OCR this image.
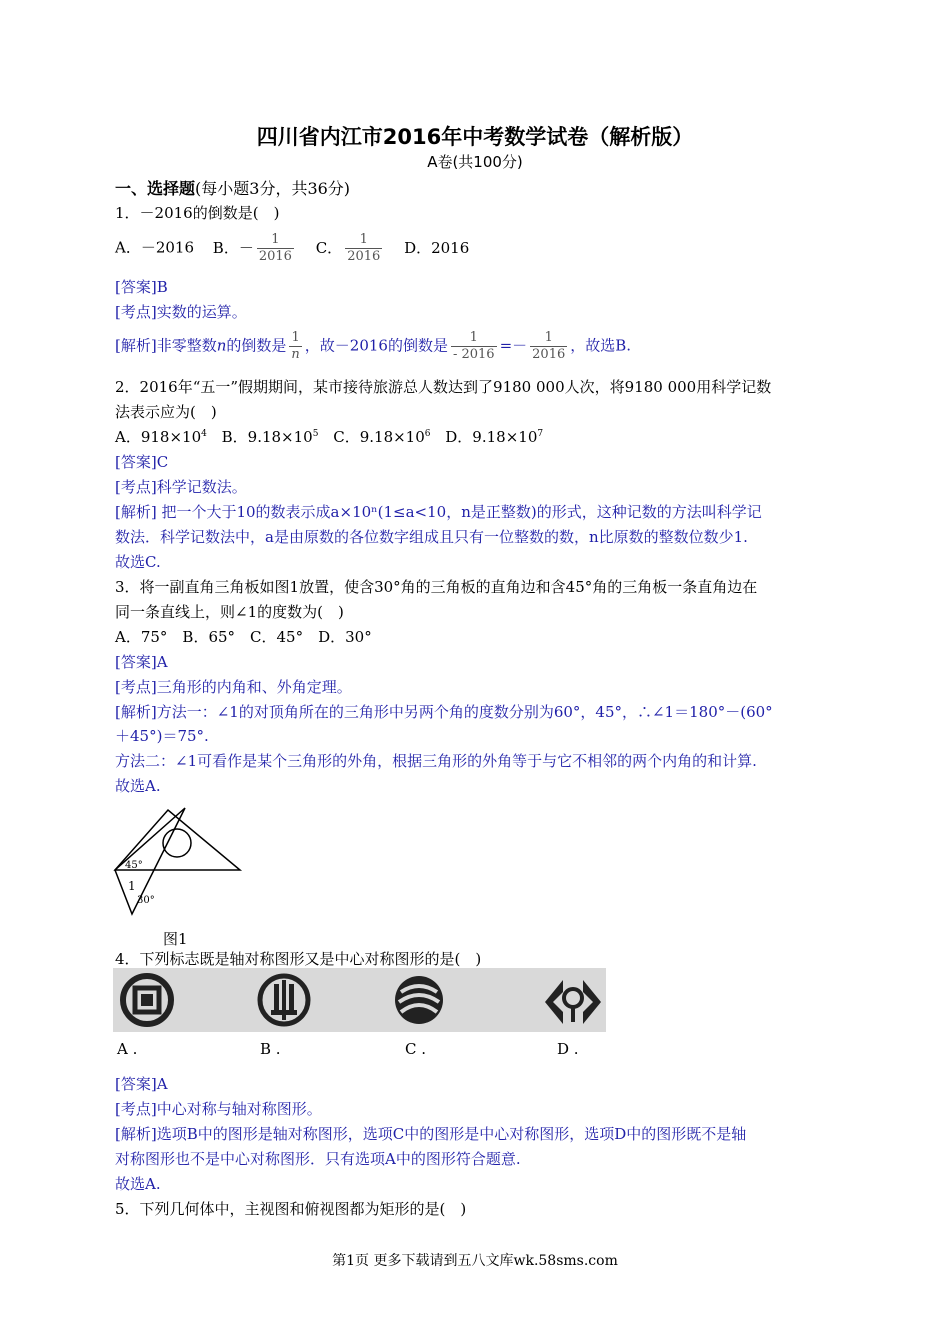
四川省内江市2016年中考数学试卷（解析版）
A卷(共100分)
一、选择题(每小题3分，共36分)
1．－2016的倒数是(　)
A．－2016 B．－ $\frac{1}{2016}$ C． $\frac{1}{2016}$ D．2016
[答案]B
[考点]实数的运算。
[解析]非零整数n的倒数是 $\frac{1}{n}$ ，故－2016的倒数是 $\frac{1}{- 2016} =- \frac{1}{2016}$ ，故选B.
2．2016年“五一”假期期间，某市接待旅游总人数达到了9180 000人次，将9180 000用科学记数
法表示应为(　)
A．$918\times 10^4$ B．$9.18\times 10^5$ C．$9.18\times 10^6$ D．$9.18\times 10^7$
[答案]C
[考点]科学记数法。
[解析] 把一个大于10的数表示成a×10ⁿ(1≤a<10，n是正整数)的形式，这种记数的方法叫科学记
数法．科学记数法中，a是由原数的各位数字组成且只有一位整数的数，n比原数的整数位数少1.
故选C.
3．将一副直角三角板如图1放置，使含30°角的三角板的直角边和含45°角的三角板一条直角边在
同一条直线上，则∠1的度数为(　)
A．75°　B．65°　C．45°　D．30°
[答案]A
[考点]三角形的内角和、外角定理。
[解析]方法一：∠1的对顶角所在的三角形中另两个角的度数分别为60°，45°，∴∠1＝180°－(60°
＋45°)＝75°.
方法二：∠1可看作是某个三角形的外角，根据三角形的外角等于与它不相邻的两个内角的和计算.
故选A.
45°
1
30°
图1
4．下列标志既是轴对称图形又是中心对称图形的是(　)
A .	B .	C .	D .
[答案]A
[考点]中心对称与轴对称图形。
[解析]选项B中的图形是轴对称图形，选项C中的图形是中心对称图形，选项D中的图形既不是轴
对称图形也不是中心对称图形．只有选项A中的图形符合题意.
故选A.
5．下列几何体中，主视图和俯视图都为矩形的是(　)
第1页 更多下载请到五八文库wk.58sms.com
